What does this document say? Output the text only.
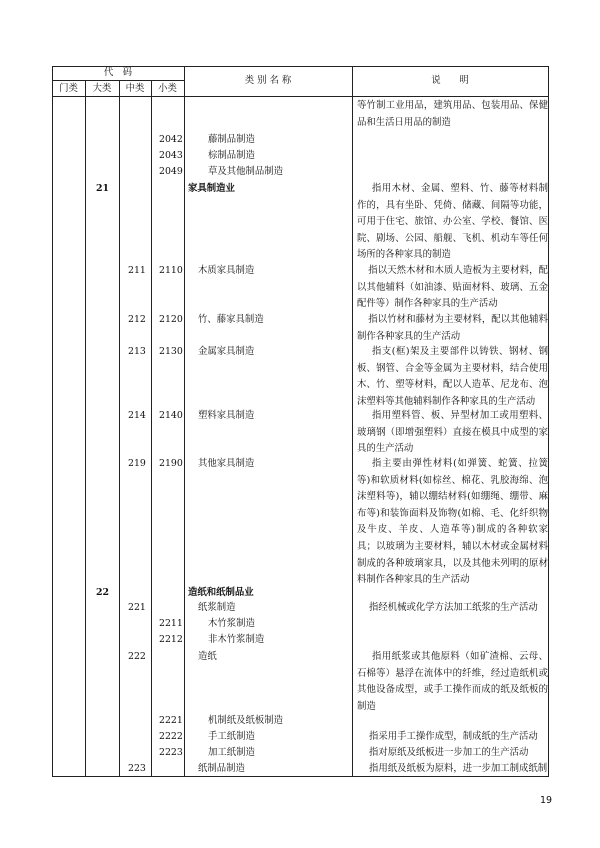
代　码
门类	大类	中类	小类
类 别 名 称	说　　明
等竹制工业用品，建筑用品、包装用品、保健品和生活日用品的制造
2042	藤制品制造
2043	棕制品制造
2049	草及其他制品制造
21	家具制造业	指用木材、金属、塑料、竹、藤等材料制作的，具有坐卧、凭倚、储藏、间隔等功能，可用于住宅、旅馆、办公室、学校、餐馆、医院、剧场、公园、船舰、飞机、机动车等任何场所的各种家具的制造
211 2110 木质家具制造	指以天然木材和木质人造板为主要材料，配以其他辅料（如油漆、贴面材料、玻璃、五金配件等）制作各种家具的生产活动
212 2120 竹、藤家具制造	指以竹材和藤材为主要材料，配以其他辅料制作各种家具的生产活动
213 2130 金属家具制造	指支(框)架及主要部件以铸铁、钢材、钢板、钢管、合金等金属为主要材料，结合使用木、竹、塑等材料，配以人造革、尼龙布、泡沫塑料等其他辅料制作各种家具的生产活动
214 2140 塑料家具制造	指用塑料管、板、异型材加工或用塑料、玻璃钢（即增强塑料）直接在模具中成型的家具的生产活动
219 2190 其他家具制造	指主要由弹性材料(如弹簧、蛇簧、拉簧等)和软质材料(如棕丝、棉花、乳胶海绵、泡沫塑料等)，辅以绷结材料(如绷绳、绷带、麻布等)和装饰面料及饰物(如棉、毛、化纤织物及牛皮、羊皮、人造革等)制成的各种软家具；以玻璃为主要材料，辅以木材或金属材料制成的各种玻璃家具，以及其他未列明的原材料制作各种家具的生产活动
22	造纸和纸制品业
221	纸浆制造	指经机械或化学方法加工纸浆的生产活动
2211	木竹浆制造
2212	非木竹浆制造
222	造纸	指用纸浆或其他原料（如矿渣棉、云母、石棉等）悬浮在流体中的纤维，经过造纸机或其他设备成型，或手工操作而成的纸及纸板的制造
2221	机制纸及纸板制造
2222	手工纸制造	指采用手工操作成型，制成纸的生产活动
2223	加工纸制造	指对原纸及纸板进一步加工的生产活动
223	纸制品制造	指用纸及纸板为原料，进一步加工制成纸制
19
